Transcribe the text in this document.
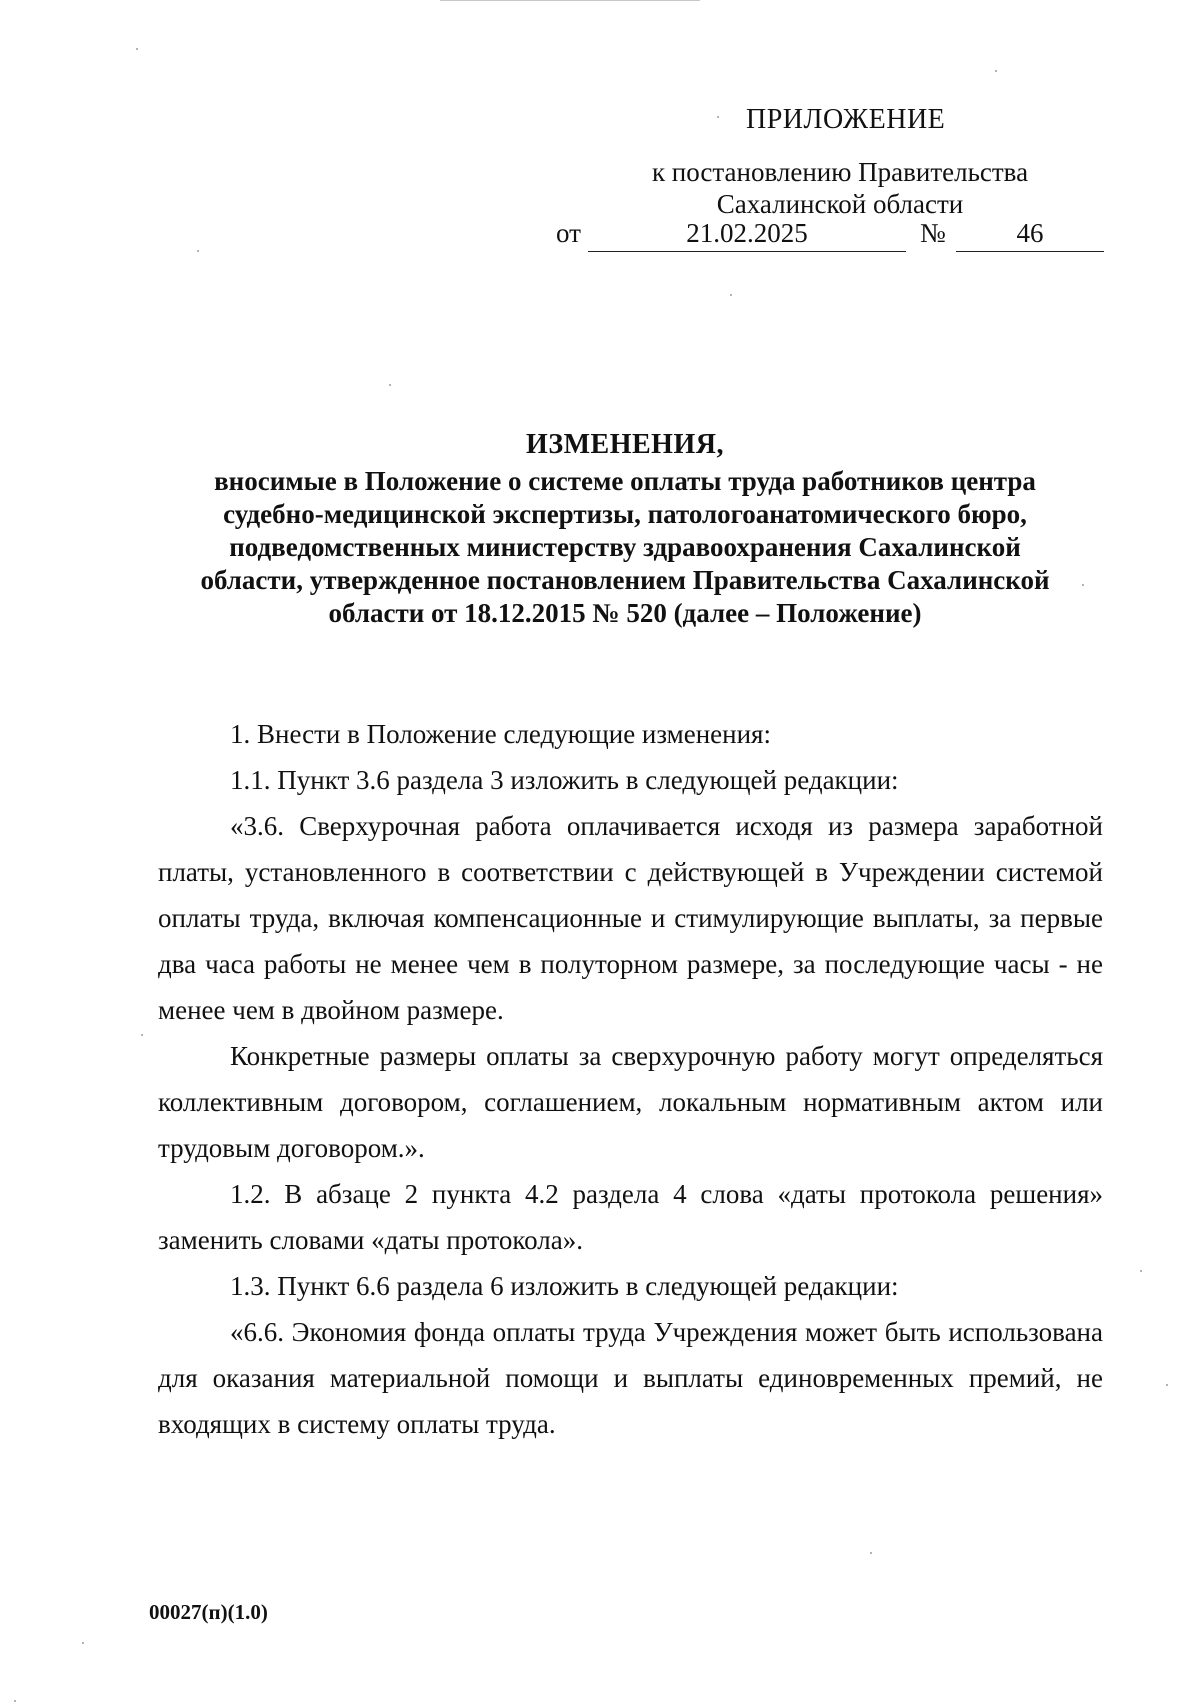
ПРИЛОЖЕНИЕ
к постановлению Правительства
Сахалинской области
от	21.02.2025	№	46
ИЗМЕНЕНИЯ,
вносимые в Положение о системе оплаты труда работников центра
судебно-медицинской экспертизы, патологоанатомического бюро,
подведомственных министерству здравоохранения Сахалинской
области, утвержденное постановлением Правительства Сахалинской
области от 18.12.2015 № 520 (далее – Положение)

1. Внести в Положение следующие изменения:

1.1. Пункт 3.6 раздела 3 изложить в следующей редакции:

«3.6. Сверхурочная работа оплачивается исходя из размера заработной платы, установленного в соответствии с действующей в Учреждении системой оплаты труда, включая компенсационные и стимулирующие выплаты, за первые два часа работы не менее чем в полуторном размере, за последующие часы - не менее чем в двойном размере.

Конкретные размеры оплаты за сверхурочную работу могут определяться коллективным договором, соглашением, локальным нормативным актом или трудовым договором.».

1.2. В абзаце 2 пункта 4.2 раздела 4 слова «даты протокола решения» заменить словами «даты протокола».

1.3. Пункт 6.6 раздела 6 изложить в следующей редакции:

«6.6. Экономия фонда оплаты труда Учреждения может быть использована для оказания материальной помощи и выплаты единовременных премий, не входящих в систему оплаты труда.

00027(п)(1.0)
